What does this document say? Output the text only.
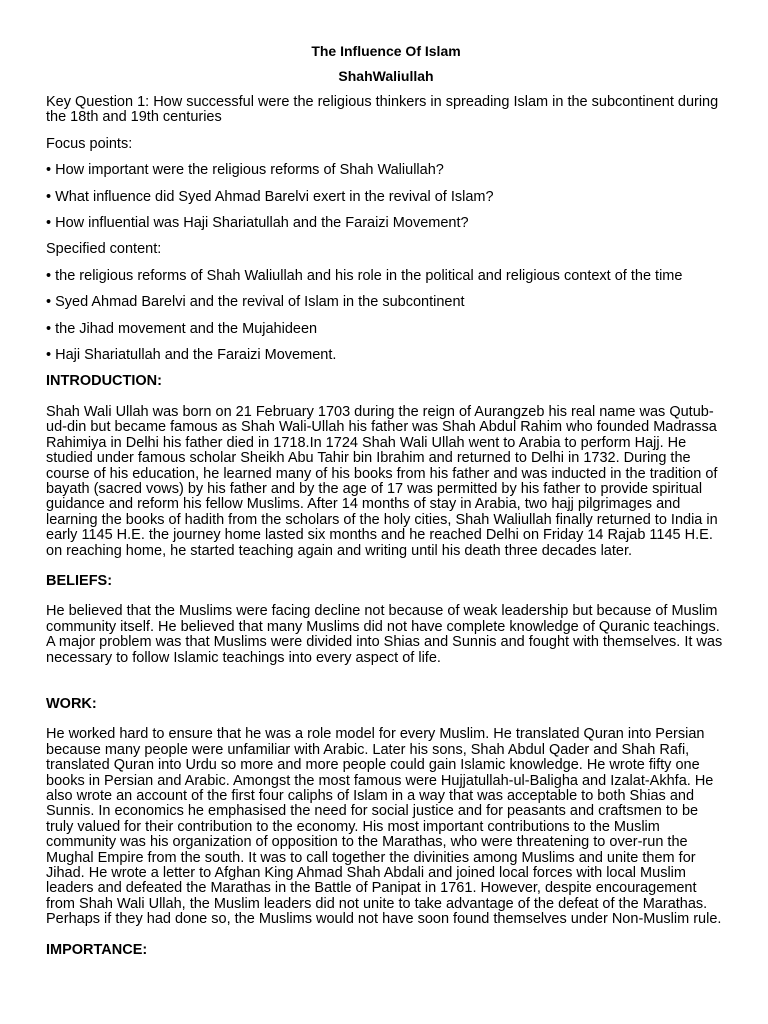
The Influence Of Islam

ShahWaliullah

Key Question 1: How successful were the religious thinkers in spreading Islam in the subcontinent during the 18th and 19th centuries

Focus points:

• How important were the religious reforms of Shah Waliullah?

• What influence did Syed Ahmad Barelvi exert in the revival of Islam?

• How influential was Haji Shariatullah and the Faraizi Movement?

Specified content:

• the religious reforms of Shah Waliullah and his role in the political and religious context of the time

• Syed Ahmad Barelvi and the revival of Islam in the subcontinent

• the Jihad movement and the Mujahideen

• Haji Shariatullah and the Faraizi Movement.

INTRODUCTION:

Shah Wali Ullah was born on 21 February 1703 during the reign of Aurangzeb his real name was Qutub-ud-din but became famous as Shah Wali-Ullah his father was Shah Abdul Rahim who founded Madrassa Rahimiya in Delhi his father died in 1718.In 1724 Shah Wali Ullah went to Arabia to perform Hajj. He studied under famous scholar Sheikh Abu Tahir bin Ibrahim and returned to Delhi in 1732. During the course of his education, he learned many of his books from his father and was inducted in the tradition of bayath (sacred vows) by his father and by the age of 17 was permitted by his father to provide spiritual guidance and reform his fellow Muslims. After 14 months of stay in Arabia, two hajj pilgrimages and learning the books of hadith from the scholars of the holy cities, Shah Waliullah finally returned to India in early 1145 H.E. the journey home lasted six months and he reached Delhi on Friday 14 Rajab 1145 H.E. on reaching home, he started teaching again and writing until his death three decades later.

BELIEFS:

He believed that the Muslims were facing decline not because of weak leadership but because of Muslim community itself. He believed that many Muslims did not have complete knowledge of Quranic teachings. A major problem was that Muslims were divided into Shias and Sunnis and fought with themselves. It was necessary to follow Islamic teachings into every aspect of life.

WORK:

He worked hard to ensure that he was a role model for every Muslim. He translated Quran into Persian because many people were unfamiliar with Arabic. Later his sons, Shah Abdul Qader and Shah Rafi, translated Quran into Urdu so more and more people could gain Islamic knowledge. He wrote fifty one books in Persian and Arabic. Amongst the most famous were Hujjatullah-ul-Baligha and Izalat-Akhfa. He also wrote an account of the first four caliphs of Islam in a way that was acceptable to both Shias and Sunnis. In economics he emphasised the need for social justice and for peasants and craftsmen to be truly valued for their contribution to the economy. His most important contributions to the Muslim community was his organization of opposition to the Marathas, who were threatening to over-run the Mughal Empire from the south. It was to call together the divinities among Muslims and unite them for Jihad. He wrote a letter to Afghan King Ahmad Shah Abdali and joined local forces with local Muslim leaders and defeated the Marathas in the Battle of Panipat in 1761. However, despite encouragement from Shah Wali Ullah, the Muslim leaders did not unite to take advantage of the defeat of the Marathas. Perhaps if they had done so, the Muslims would not have soon found themselves under Non-Muslim rule.

IMPORTANCE:
